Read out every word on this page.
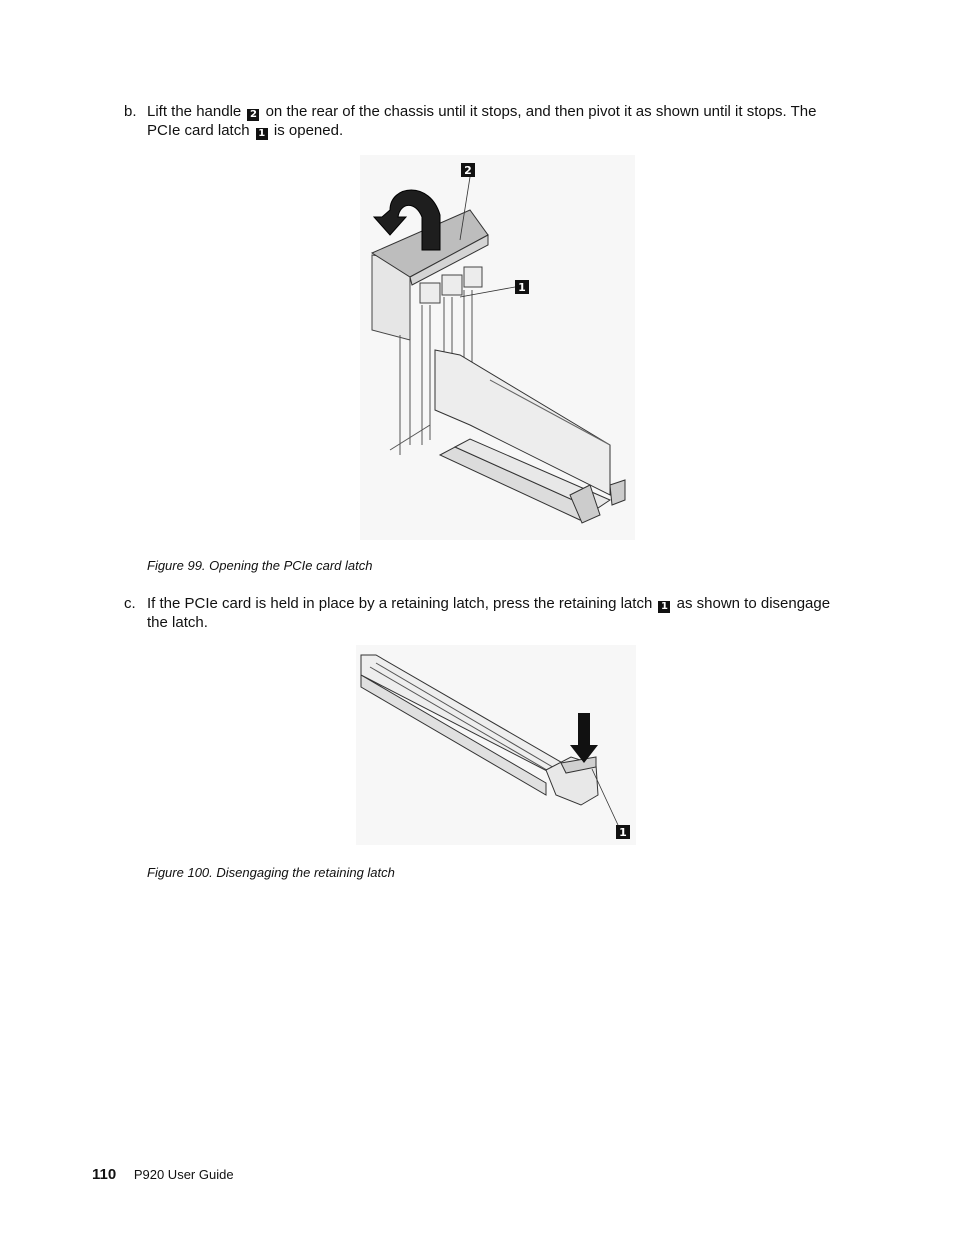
b. Lift the handle 2 on the rear of the chassis until it stops, and then pivot it as shown until it stops. The PCIe card latch 1 is opened.
2
1
Figure 99. Opening the PCIe card latch
c. If the PCIe card is held in place by a retaining latch, press the retaining latch 1 as shown to disengage the latch.
1
Figure 100. Disengaging the retaining latch
110 P920 User Guide
